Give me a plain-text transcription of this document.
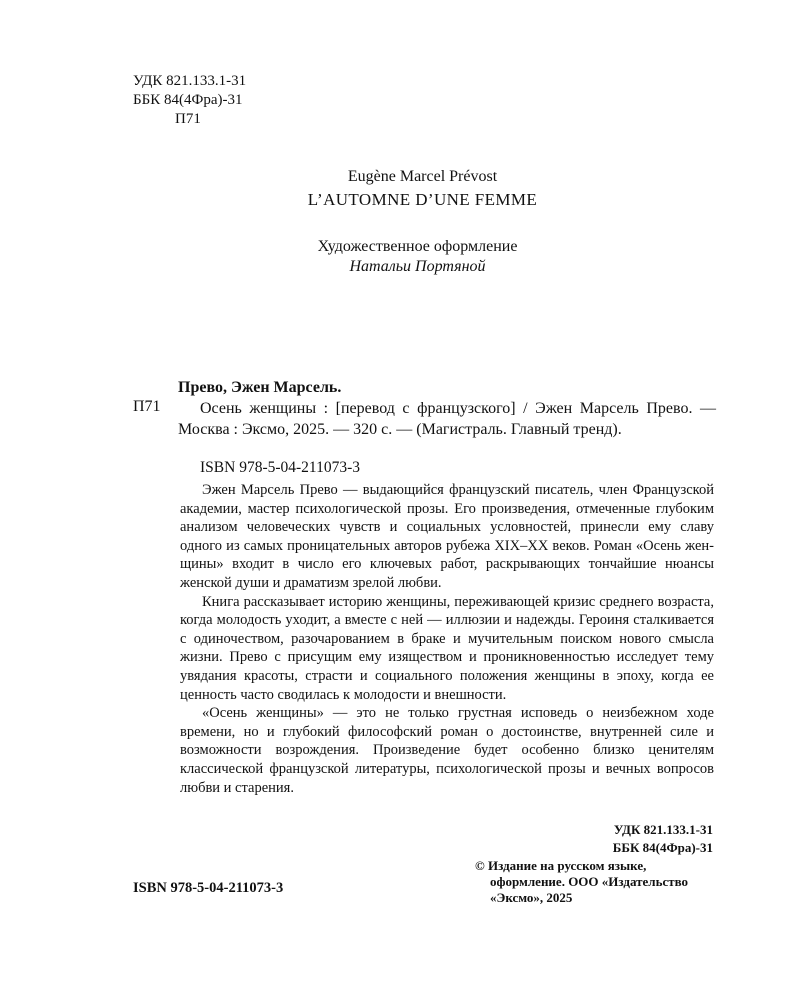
УДК 821.133.1-31
ББК 84(4Фра)-31
П71
Eugène Marcel Prévost
L’AUTOMNE D’UNE FEMME
Художественное оформление
Натальи Портяной
П71
Прево, Эжен Марсель.
Осень женщины : [перевод с французского] / Эжен Марсель Прево. — Москва : Эксмо, 2025. — 320 с. — (Магистраль. Главный тренд).
ISBN 978-5-04-211073-3

Эжен Марсель Прево — выдающийся французский писатель, член Французской академии, мастер психологической прозы. Его произведения, отмеченные глубоким анализом человеческих чувств и социальных условностей, принесли ему славу одного из самых проницательных авторов рубежа XIX–XX веков. Роман «Осень женщины» входит в число его ключевых работ, раскрывающих тончайшие нюансы женской души и драматизм зрелой любви.

Книга рассказывает историю женщины, переживающей кризис среднего возраста, когда молодость уходит, а вместе с ней — иллюзии и надежды. Героиня сталкивается с одиночеством, разочарованием в браке и мучительным поиском нового смысла жизни. Прево с присущим ему изяществом и проникновенностью исследует тему увядания красоты, страсти и социального положения женщины в эпоху, когда ее ценность часто сводилась к молодости и внешности.

«Осень женщины» — это не только грустная исповедь о неизбежном ходе времени, но и глубокий философский роман о достоинстве, внутренней силе и возможности возрождения. Произведение будет особенно близко ценителям классической французской литературы, психологической прозы и вечных вопросов любви и старения.

УДК 821.133.1-31
ББК 84(4Фра)-31
© Издание на русском языке,
оформление. ООО «Издательство
«Эксмо», 2025
ISBN 978-5-04-211073-3
